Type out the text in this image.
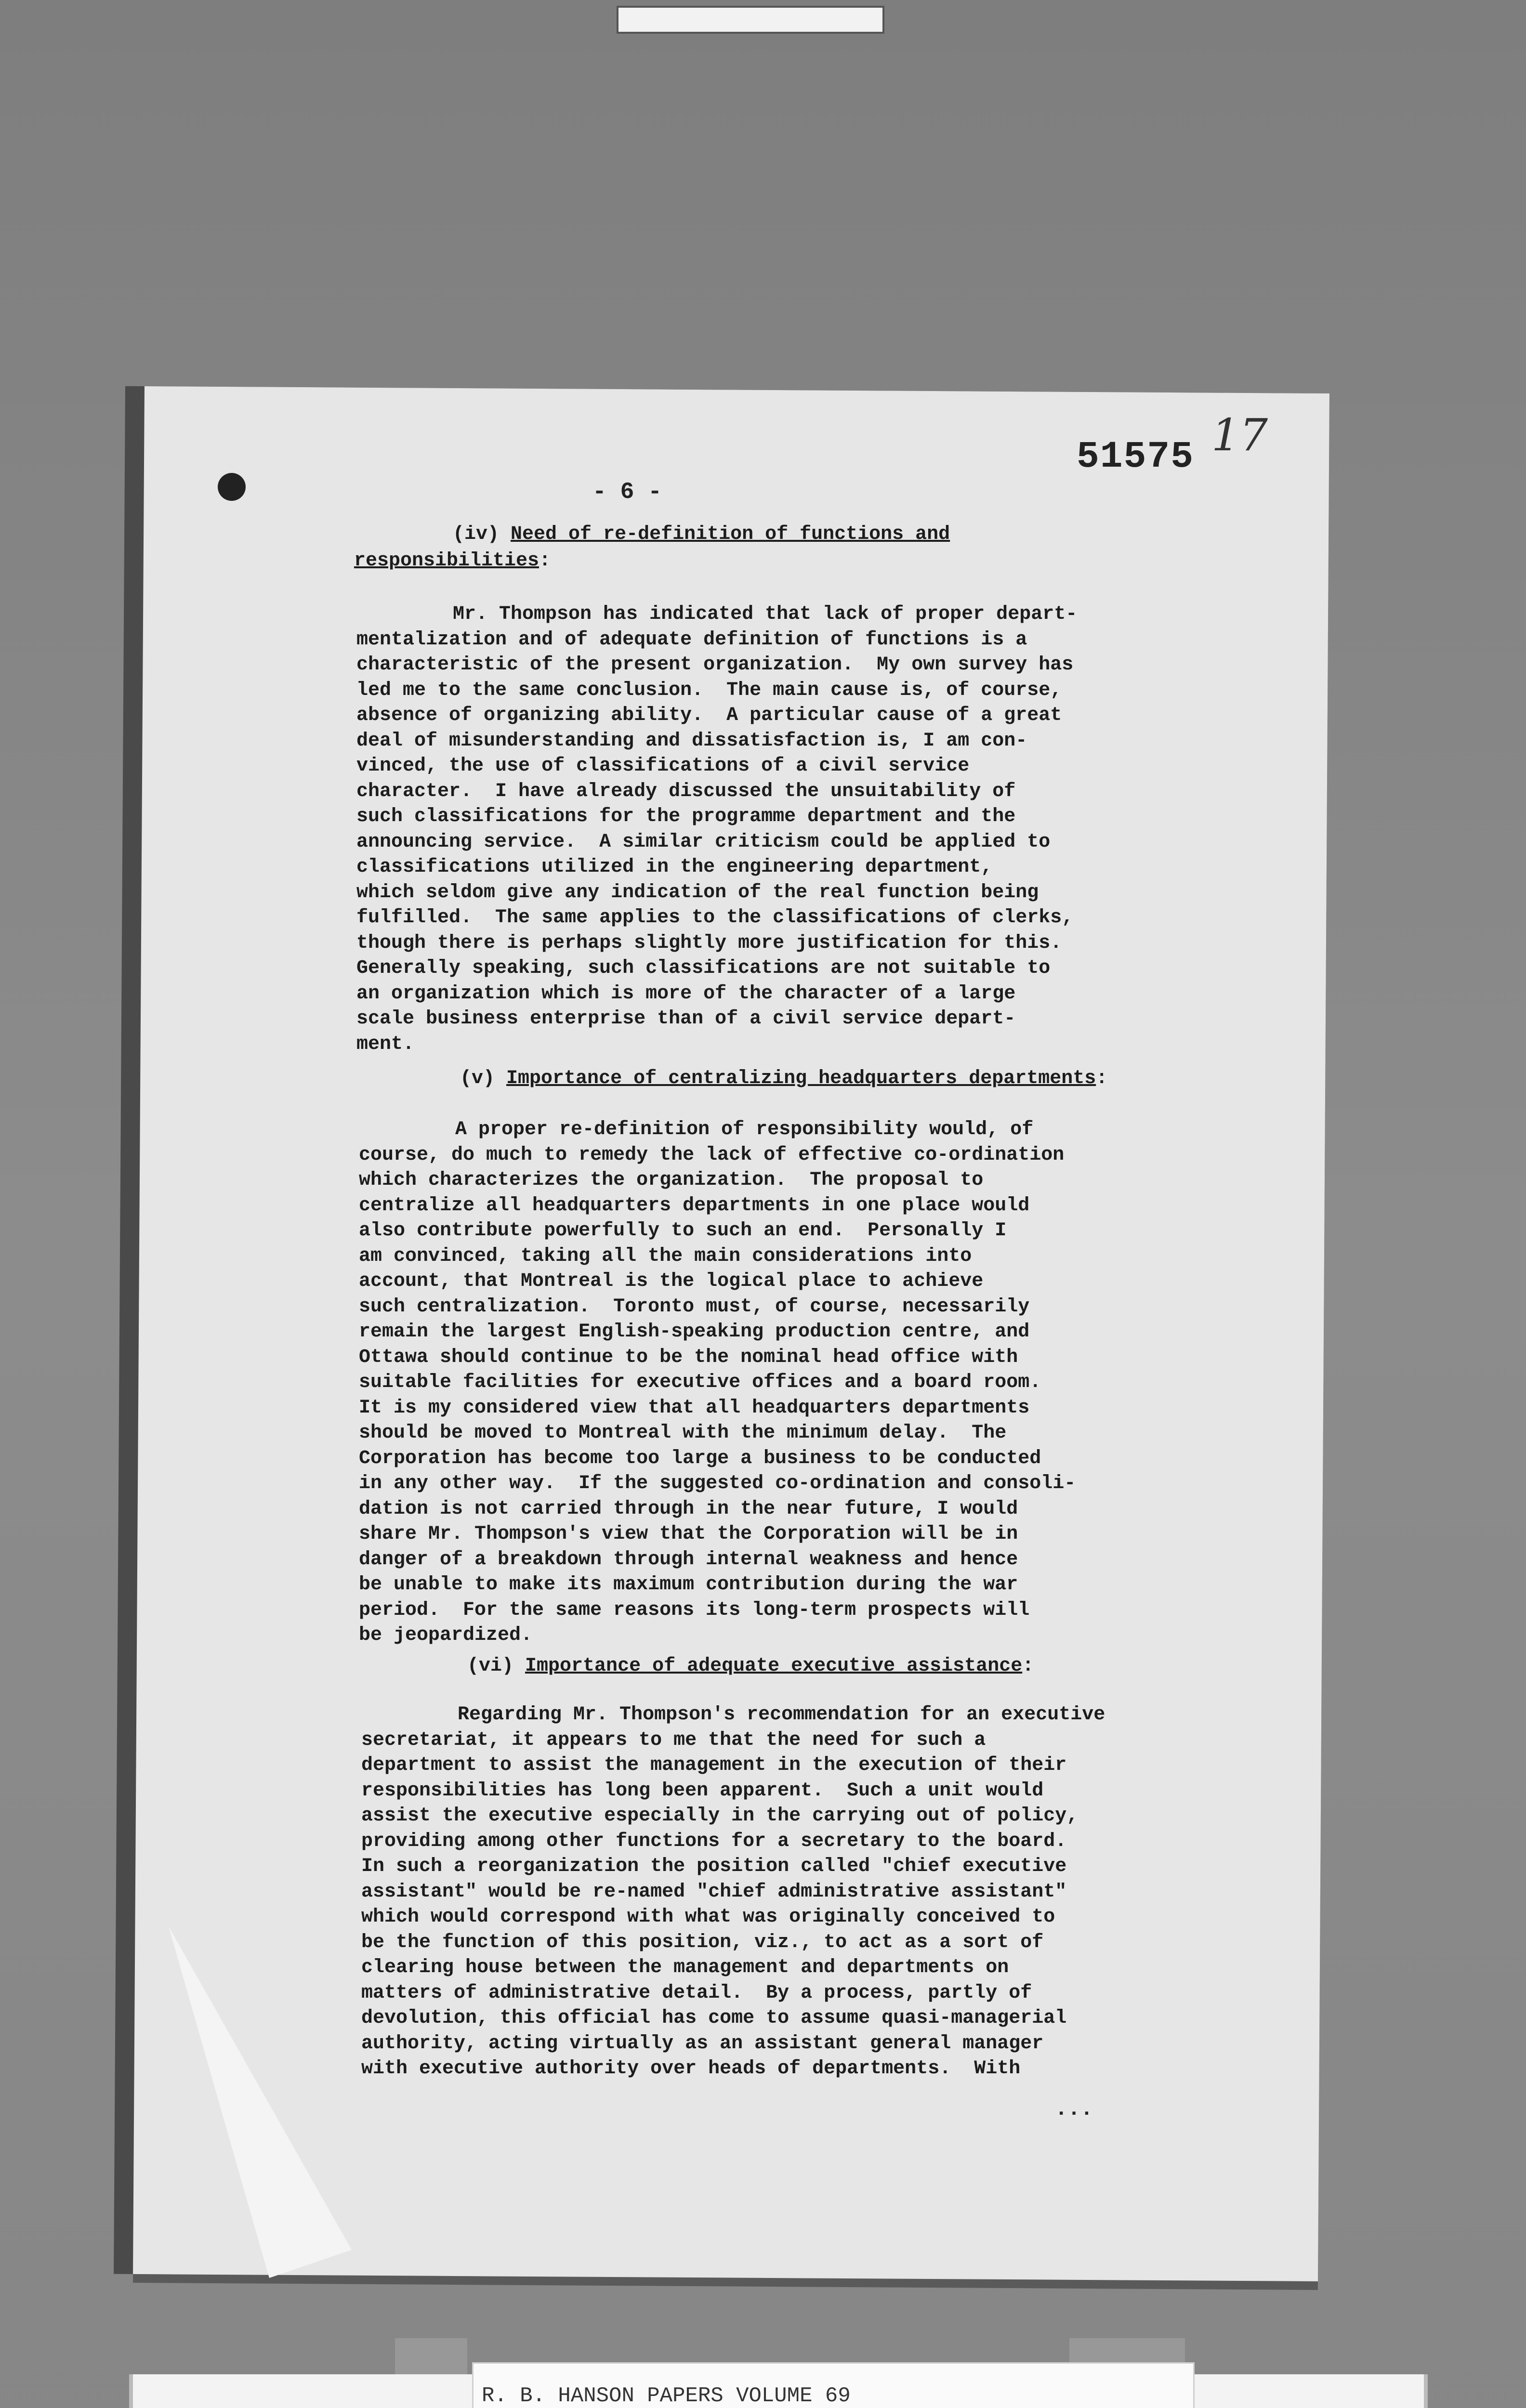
51575 17
- 6 -
(iv) Need of re-definition of functions and
responsibilities:
Mr. Thompson has indicated that lack of proper depart-
mentalization and of adequate definition of functions is a
characteristic of the present organization.  My own survey has
led me to the same conclusion.  The main cause is, of course,
absence of organizing ability.  A particular cause of a great
deal of misunderstanding and dissatisfaction is, I am con-
vinced, the use of classifications of a civil service
character.  I have already discussed the unsuitability of
such classifications for the programme department and the
announcing service.  A similar criticism could be applied to
classifications utilized in the engineering department,
which seldom give any indication of the real function being
fulfilled.  The same applies to the classifications of clerks,
though there is perhaps slightly more justification for this.
Generally speaking, such classifications are not suitable to
an organization which is more of the character of a large
scale business enterprise than of a civil service depart-
ment.
(v) Importance of centralizing headquarters departments:
A proper re-definition of responsibility would, of
course, do much to remedy the lack of effective co-ordination
which characterizes the organization.  The proposal to
centralize all headquarters departments in one place would
also contribute powerfully to such an end.  Personally I
am convinced, taking all the main considerations into
account, that Montreal is the logical place to achieve
such centralization.  Toronto must, of course, necessarily
remain the largest English-speaking production centre, and
Ottawa should continue to be the nominal head office with
suitable facilities for executive offices and a board room.
It is my considered view that all headquarters departments
should be moved to Montreal with the minimum delay.  The
Corporation has become too large a business to be conducted
in any other way.  If the suggested co-ordination and consoli-
dation is not carried through in the near future, I would
share Mr. Thompson's view that the Corporation will be in
danger of a breakdown through internal weakness and hence
be unable to make its maximum contribution during the war
period.  For the same reasons its long-term prospects will
be jeopardized.
(vi) Importance of adequate executive assistance:
Regarding Mr. Thompson's recommendation for an executive
secretariat, it appears to me that the need for such a
department to assist the management in the execution of their
responsibilities has long been apparent.  Such a unit would
assist the executive especially in the carrying out of policy,
providing among other functions for a secretary to the board.
In such a reorganization the position called "chief executive
assistant" would be re-named "chief administrative assistant"
which would correspond with what was originally conceived to
be the function of this position, viz., to act as a sort of
clearing house between the management and departments on
matters of administrative detail.  By a process, partly of
devolution, this official has come to assume quasi-managerial
authority, acting virtually as an assistant general manager
with executive authority over heads of departments.  With
...
R. B. HANSON PAPERS VOLUME 69
